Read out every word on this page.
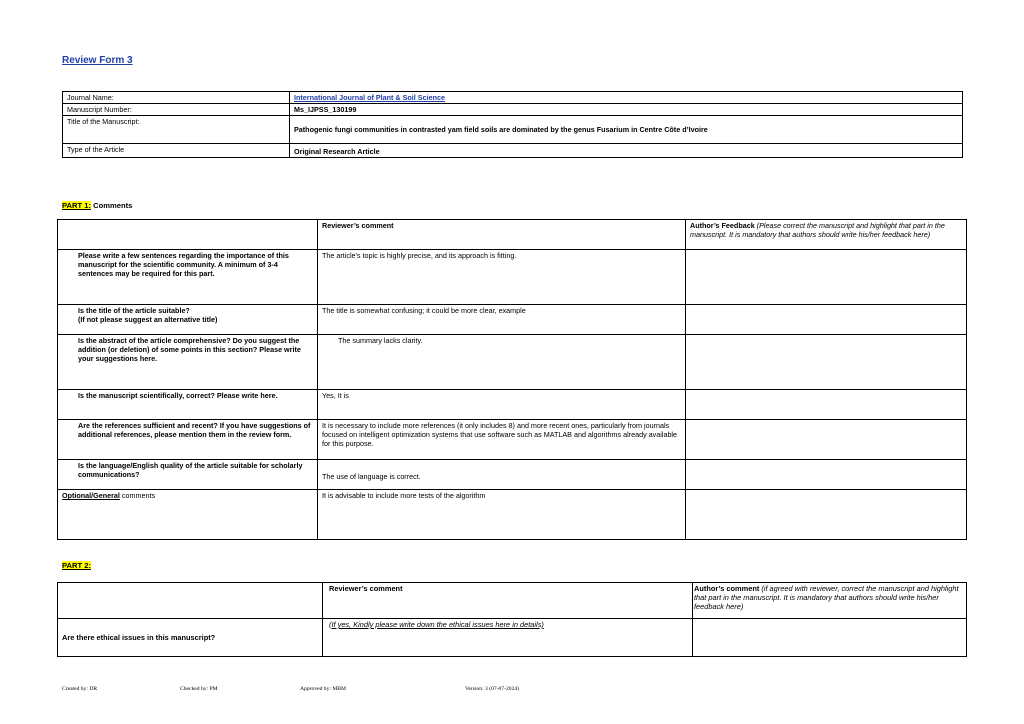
Review Form 3
Journal Name:	International Journal of Plant & Soil Science
Manuscript Number:	Ms_IJPSS_130199
Title of the Manuscript:	Pathogenic fungi communities in contrasted yam field soils are dominated by the genus Fusarium in Centre Côte d’Ivoire
Type of the Article	Original Research Article
PART 1: Comments
	Reviewer’s comment	Author’s Feedback (Please correct the manuscript and highlight that part in the manuscript. It is mandatory that authors should write his/her feedback here)
Please write a few sentences regarding the importance of this manuscript for the scientific community. A minimum of 3-4 sentences may be required for this part.	The article's topic is highly precise, and its approach is fitting.	
Is the title of the article suitable?
(If not please suggest an alternative title)	The title is somewhat confusing; it could be more clear, example	
Is the abstract of the article comprehensive? Do you suggest the addition (or deletion) of some points in this section? Please write your suggestions here.	The summary lacks clarity.	
Is the manuscript scientifically, correct? Please write here.	Yes, It is	
Are the references sufficient and recent? If you have suggestions of additional references, please mention them in the review form.	It is necessary to include more references (it only includes 8) and more recent ones, particularly from journals focused on intelligent optimization systems that use software such as MATLAB and algorithms already available for this purpose.	
Is the language/English quality of the article suitable for scholarly communications?	The use of language is correct.	
Optional/General comments	It is advisable to include more tests of the algorithm	
PART 2:
	Reviewer’s comment	Author’s comment (if agreed with reviewer, correct the manuscript and highlight that part in the manuscript. It is mandatory that authors should write his/her feedback here)
Are there ethical issues in this manuscript?	(If yes, Kindly please write down the ethical issues here in details)	
Created by: DR	Checked by: PM	Approved by: MBM	Version: 3 (07-07-2024)
